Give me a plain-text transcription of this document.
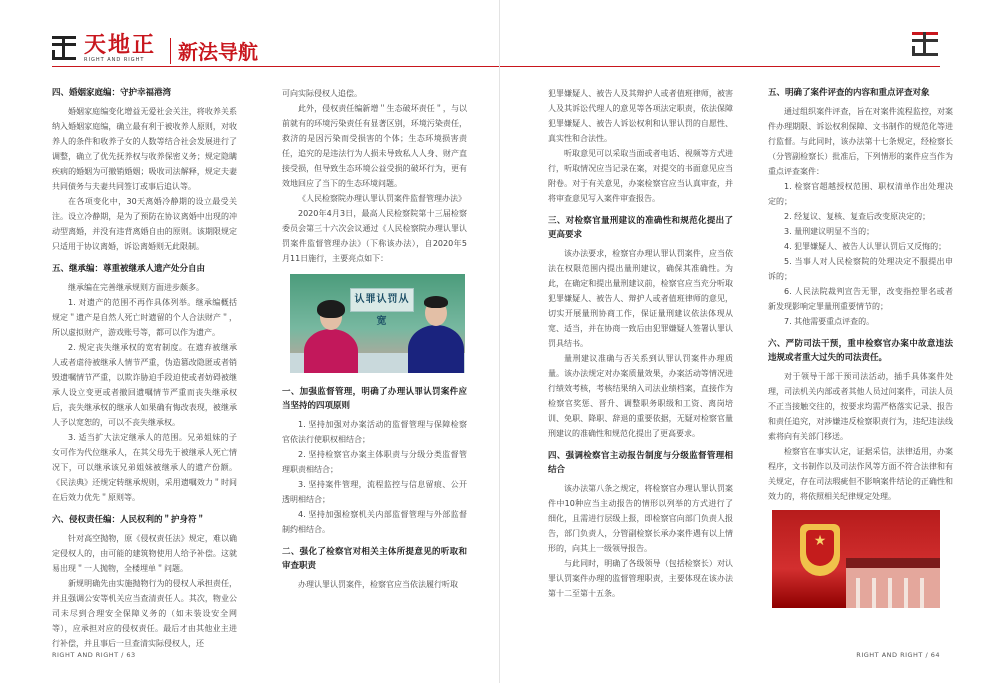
天地正
RIGHT AND RIGHT	新法导航
四、婚姻家庭编：守护幸福港湾

婚姻家庭编变化增益无爱社会关注，将收养关系纳入婚姻家庭编，确立最有利于被收养人原则，对收养人的条件和收养子女的人数等结合社会发展进行了调整，确立了优先抚养权与收养保密义务；规定隐瞒疾病的婚姻为可撤销婚姻；吸收司法解释，规定夫妻共同债务与夫妻共同签订或事后追认等。

在各项变化中，30天离婚冷静期的设立最受关注。设立冷静期，是为了预防在协议离婚中出现的冲动型离婚，并没有违背离婚自由的原则。该期限规定只适用于协议离婚，诉讼离婚则无此限制。

五、继承编：尊重被继承人遗产处分自由

继承编在完善继承规则方面进步颇多。

1. 对遗产的范围不再作具体列举。继承编概括规定＂遗产是自然人死亡时遗留的个人合法财产＂，所以虚拟财产，游戏账号等，都可以作为遗产。

2. 规定丧失继承权的宽宥制度。在遗弃被继承人或者虐待被继承人情节严重，伪造篡改隐匿或者销毁遗嘱情节严重，以欺诈胁迫手段迫使或者妨碍被继承人设立变更或者撤回遗嘱情节严重而丧失继承权后，丧失继承权的继承人如果确有悔改表现，被继承人予以宽恕的，可以不丧失继承权。

3. 适当扩大法定继承人的范围。兄弟姐妹的子女可作为代位继承人，在其父母先于被继承人死亡情况下，可以继承该兄弟姐妹被继承人的遗产份额。《民法典》还规定转继承规则，采用遗嘱效力＂时间在后效力优先＂原则等。

六、侵权责任编：人民权利的＂护身符＂

针对高空抛物，原《侵权责任法》规定，难以确定侵权人的，由可能的建筑物使用人给予补偿。这就易出现＂一人抛物，全楼埋单＂问题。

新规明确先由实施抛物行为的侵权人承担责任，并且强调公安等机关应当查清责任人。其次，物业公司未尽到合理安全保障义务的（如未装设安全网等），应承担对应的侵权责任。最后才由其他业主进行补偿，并且事后一旦查清实际侵权人，还

可向实际侵权人追偿。

此外，侵权责任编新增＂生态破坏责任＂，与以前就有的环境污染责任有显著区别，环境污染责任，救济的是因污染而受损害的个体；生态环境损害责任，追究的是违法行为人损未导致私人人身、财产直接受损，但导致生态环境公益受损的破坏行为，更有效地回应了当下的生态环境问题。

《人民检察院办理认罪认罚案件监督管理办法》

2020年4月3日，最高人民检察院第十三届检察委员会第三十六次会议通过《人民检察院办理认罪认罚案件监督管理办法》（下称该办法），自2020年5月11日施行，主要亮点如下：

认罪认罚从宽
一、加强监督管理，明确了办理认罪认罚案件应当坚持的四项原则

1. 坚持加强对办案活动的监督管理与保障检察官依法行使职权相结合；

2. 坚持检察官办案主体职责与分级分类监督管理职责相结合；

3. 坚持案件管理，流程监控与信息留痕、公开透明相结合；

4. 坚持加强检察机关内部监督管理与外部监督制约相结合。

二、强化了检察官对相关主体所提意见的听取和审查职责

办理认罪认罚案件，检察官应当依法履行听取

RIGHT AND RIGHT / 63

犯罪嫌疑人、被告人及其辩护人或者值班律师，被害人及其诉讼代理人的意见等各项法定职责，依法保障犯罪嫌疑人、被告人诉讼权利和认罪认罚的自愿性、真实性和合法性。

听取意见可以采取当面或者电话、视频等方式进行，听取情况应当记录在案，对提交的书面意见应当附卷。对于有关意见，办案检察官应当认真审查，并将审查意见写入案件审查报告。

三、对检察官量刑建议的准确性和规范化提出了更高要求

该办法要求，检察官办理认罪认罚案件，应当依法在权限范围内提出量刑建议，确保其准确性。为此，在确定和提出量刑建议前，检察官应当充分听取犯罪嫌疑人、被告人、辩护人或者值班律师的意见，切实开展量刑协商工作，保证量刑建议依法体现从宽、适当，并在协商一致后由犯罪嫌疑人签署认罪认罚具结书。

量刑建议准确与否关系到认罪认罚案件办理质量。该办法规定对办案质量效果，办案活动等情况进行绩效考核，考核结果纳入司法业绩档案，直接作为检察官奖惩、晋升、调整职务职级和工资、离岗培训、免职、降职、辞退的重要依据，无疑对检察官量刑建议的准确性和规范化提出了更高要求。

四、强调检察官主动报告制度与分级监督管理相结合

该办法第八条之规定，将检察官办理认罪认罚案件中10种应当主动报告的情形以列举的方式进行了细化，且需进行层级上报，即检察官向部门负责人报告，部门负责人，分管副检察长承办案件遇有以上情形的，向其上一级领导报告。

与此同时，明确了各级领导（包括检察长）对认罪认罚案件办理的监督管理职责，主要体现在该办法第十二至第十五条。

五、明确了案件评查的内容和重点评查对象

通过组织案件评查，旨在对案件流程监控，对案件办理期限、诉讼权利保障、文书制作的规范化等进行监督。与此同时，该办法第十七条规定，经检察长（分管副检察长）批准后，下列情形的案件应当作为重点评查案件：

1. 检察官超越授权范围、职权清单作出处理决定的；

2. 经复议、复核、复查后改变原决定的；

3. 量刑建议明显不当的；

4. 犯罪嫌疑人、被告人认罪认罚后又反悔的；

5. 当事人对人民检察院的处理决定不服提出申诉的；

6. 人民法院裁判宣告无罪，改变指控罪名或者新发现影响定罪量刑重要情节的；

7. 其他需要重点评查的。

六、严防司法干预，重申检察官办案中故意违法违规或者重大过失的司法责任。

对于领导干部干预司法活动，插手具体案件处理，司法机关内部或者其他人员过问案件，司法人员不正当接触交往的，按要求均需严格落实记录、报告和责任追究，对涉嫌违反检察职责行为，违纪违法线索将向有关部门移送。

检察官在事实认定，证据采信，法律适用，办案程序，文书制作以及司法作风等方面不符合法律和有关规定，存在司法瑕疵但不影响案件结论的正确性和效力的，将依照相关纪律规定处理。

★
RIGHT AND RIGHT / 64
